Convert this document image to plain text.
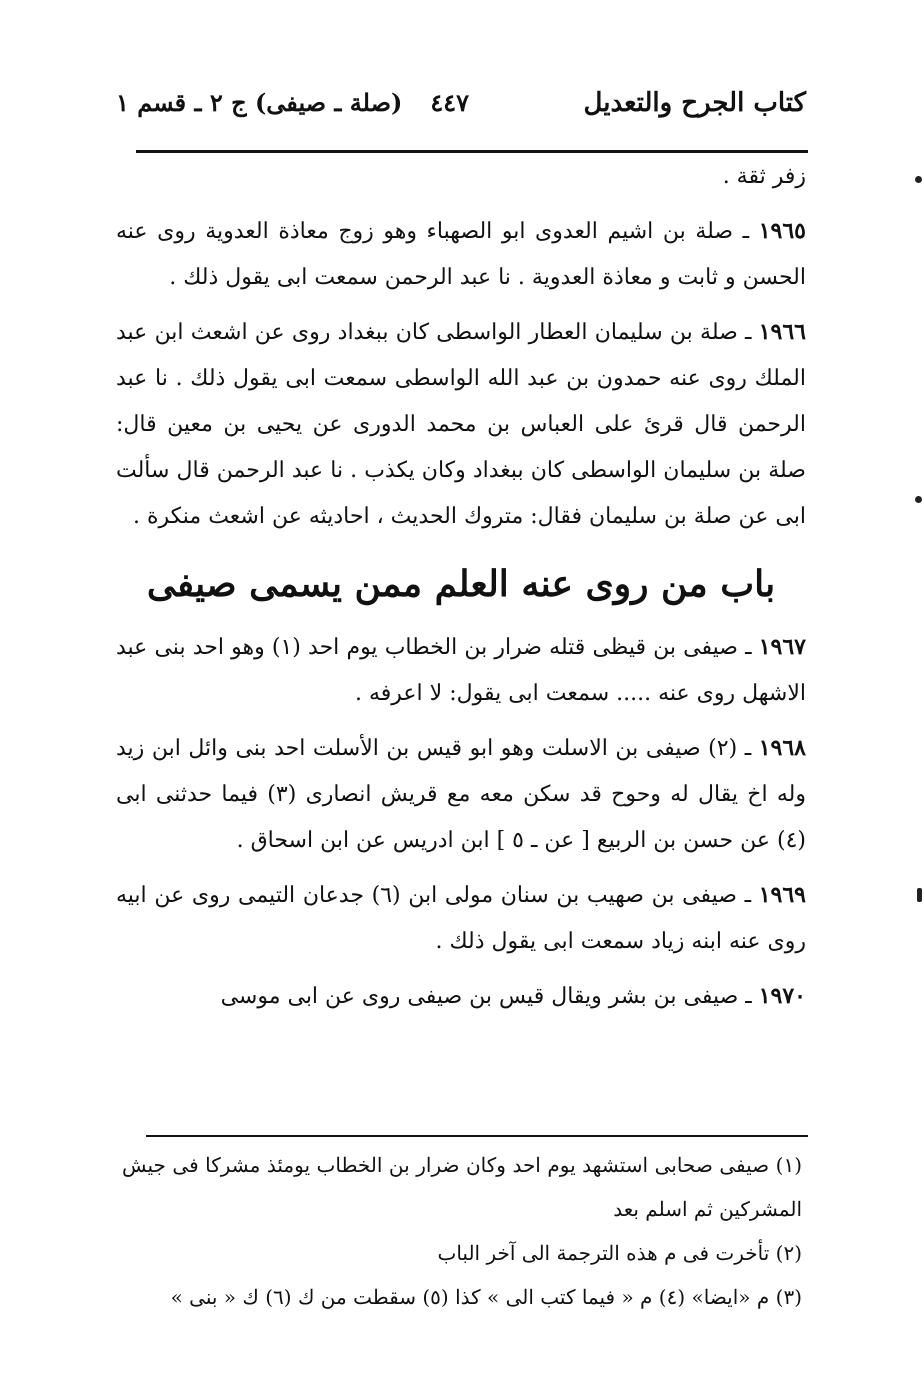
كتاب الجرح والتعديل
٤٤٧
(صلة ـ صيفى) ج ٢ ـ قسم ١

زفر ثقة .

١٩٦٥ ـ صلة بن اشيم العدوى ابو الصهباء وهو زوج معاذة العدوية روى عنه الحسن و ثابت و معاذة العدوية . نا عبد الرحمن سمعت ابى يقول ذلك .

١٩٦٦ ـ صلة بن سليمان العطار الواسطى كان ببغداد روى عن اشعث ابن عبد الملك روى عنه حمدون بن عبد الله الواسطى سمعت ابى يقول ذلك . نا عبد الرحمن قال قرئ على العباس بن محمد الدورى عن يحيى بن معين قال: صلة بن سليمان الواسطى كان ببغداد وكان يكذب . نا عبد الرحمن قال سألت ابى عن صلة بن سليمان فقال: متروك الحديث ، احاديثه عن اشعث منكرة .

باب من روى عنه العلم ممن يسمى صيفى

١٩٦٧ ـ صيفى بن قيظى قتله ضرار بن الخطاب يوم احد (١) وهو احد بنى عبد الاشهل روى عنه ..... سمعت ابى يقول: لا اعرفه .

١٩٦٨ ـ (٢) صيفى بن الاسلت وهو ابو قيس بن الأسلت احد بنى وائل ابن زيد وله اخ يقال له وحوح قد سكن معه مع قريش انصارى (٣) فيما حدثنى ابى (٤) عن حسن بن الربيع [ عن ـ ٥ ] ابن ادريس عن ابن اسحاق .

١٩٦٩ ـ صيفى بن صهيب بن سنان مولى ابن (٦) جدعان التيمى روى عن ابيه روى عنه ابنه زياد سمعت ابى يقول ذلك .

١٩٧٠ ـ صيفى بن بشر ويقال قيس بن صيفى روى عن ابى موسى

(١) صيفى صحابى استشهد يوم احد وكان ضرار بن الخطاب يومئذ مشركا فى جيش المشركين ثم اسلم بعد
(٢) تأخرت فى م هذه الترجمة الى آخر الباب
(٣) م «ايضا» (٤) م « فيما كتب الى » كذا (٥) سقطت من ك (٦) ك « بنى »
